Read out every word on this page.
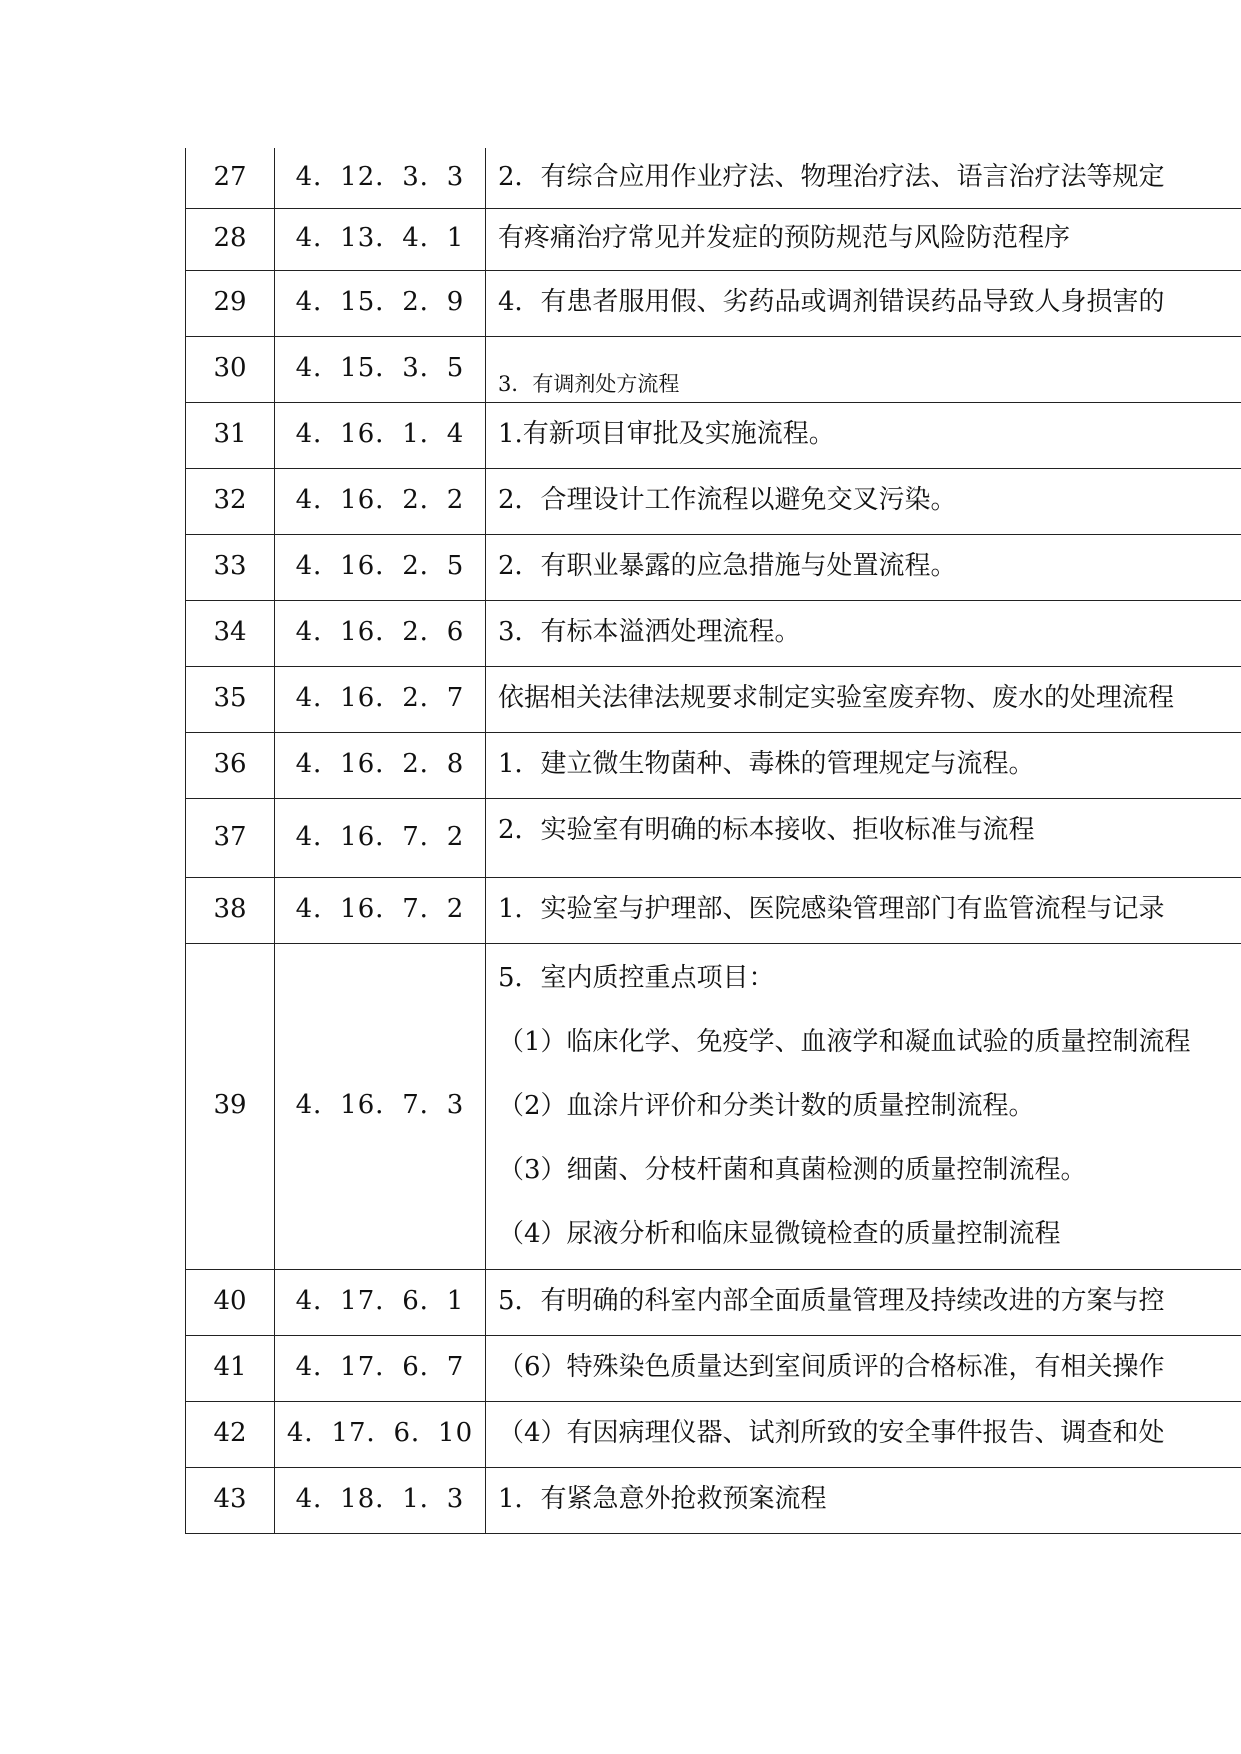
27	4．12．3．3	2．有综合应用作业疗法、物理治疗法、语言治疗法等规定
28	4．13．4．1	有疼痛治疗常见并发症的预防规范与风险防范程序
29	4．15．2．9	4．有患者服用假、劣药品或调剂错误药品导致人身损害的
30	4．15．3．5	3．有调剂处方流程
31	4．16．1．4	1.有新项目审批及实施流程。
32	4．16．2．2	2．合理设计工作流程以避免交叉污染。
33	4．16．2．5	2．有职业暴露的应急措施与处置流程。
34	4．16．2．6	3．有标本溢洒处理流程。
35	4．16．2．7	依据相关法律法规要求制定实验室废弃物、废水的处理流程
36	4．16．2．8	1．建立微生物菌种、毒株的管理规定与流程。
37	4．16．7．2	2．实验室有明确的标本接收、拒收标准与流程
38	4．16．7．2	1．实验室与护理部、医院感染管理部门有监管流程与记录
39	4．16．7．3	5．室内质控重点项目：
（1）临床化学、免疫学、血液学和凝血试验的质量控制流程
（2）血涂片评价和分类计数的质量控制流程。
（3）细菌、分枝杆菌和真菌检测的质量控制流程。
（4）尿液分析和临床显微镜检查的质量控制流程

40	4．17．6．1	5．有明确的科室内部全面质量管理及持续改进的方案与控
41	4．17．6．7	（6）特殊染色质量达到室间质评的合格标准，有相关操作
42	4．17．6．10	（4）有因病理仪器、试剂所致的安全事件报告、调查和处
43	4．18．1．3	1．有紧急意外抢救预案流程
